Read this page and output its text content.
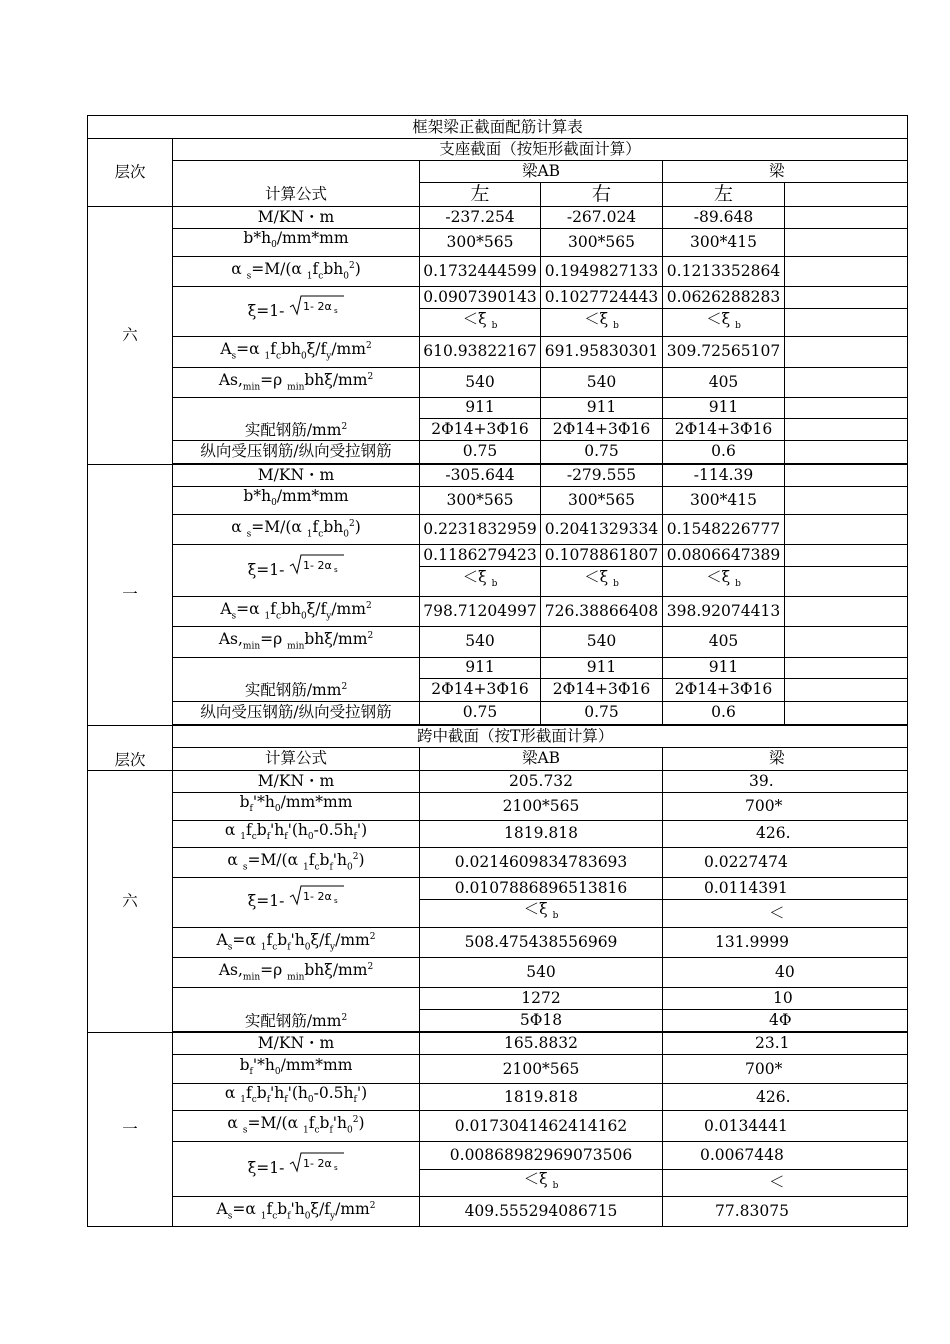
框架梁正截面配筋计算表					
层次	支座截面（按矩形截面计算）				
		梁AB		梁	
	计算公式	左	右	左	
六	M/KN・m	-237.254	-267.024	-89.648	
	$b*h_0/mm*mm$	300*565	300*565	300*415	
	α $_s$=M/(α $_1f_cbh_0^2$)	0.1732444599	0.1949827133	0.1213352864	
	ξ=1- 1- 2α s	0.0907390143	0.1027724443	0.0626288283	
		＜ξ $_b$	＜ξ $_b$	＜ξ $_b$	
	$A_s=\alpha$ $_1f_cbh_0\xi/f_y/mm^2$	610.93822167	691.95830301	309.72565107	
	$As,_{min}=\rho$ $_{min}bh\xi/mm^2$	540	540	405	
	实配钢筋$/mm^2$	911	911	911	
		2Φ14+3Φ16	2Φ14+3Φ16	2Φ14+3Φ16	
	纵向受压钢筋/纵向受拉钢筋	0.75	0.75	0.6	

一	M/KN・m	-305.644	-279.555	-114.39	
	$b*h_0/mm*mm$	300*565	300*565	300*415	
	α $_s$=M/(α $_1f_cbh_0^2$)	0.2231832959	0.2041329334	0.1548226777	
	ξ=1- 1- 2α s	0.1186279423	0.1078861807	0.0806647389	
		＜ξ $_b$	＜ξ $_b$	＜ξ $_b$	
	$A_s=\alpha$ $_1f_cbh_0\xi/f_y/mm^2$	798.71204997	726.38866408	398.92074413	
	$As,_{min}=\rho$ $_{min}bh\xi/mm^2$	540	540	405	
	实配钢筋$/mm^2$	911	911	911	
		2Φ14+3Φ16	2Φ14+3Φ16	2Φ14+3Φ16	
	纵向受压钢筋/纵向受拉钢筋	0.75	0.75	0.6	

层次	跨中截面（按T形截面计算）				
	计算公式	梁AB		梁	
六	M/KN・m	205.732		39.	
	$b_f'*h_0/mm*mm$	2100*565		700*	
	α $_1f_cb_f'h_f'(h_0-0.5h_f')$	1819.818		426.	
	α $_s$=M/(α $_1f_cb_f'h_0^2$)	0.0214609834783693		0.0227474	
	ξ=1- 1- 2α s	0.0107886896513816		0.0114391	
		＜ξ $_b$		＜	
	$A_s=\alpha$ $_1f_cb_f'h_0\xi/f_y/mm^2$	508.475438556969		131.9999	
	$As,_{min}=\rho$ $_{min}bh\xi/mm^2$	540		40	
	实配钢筋$/mm^2$	1272		10	
		5Φ18		4Φ	

一	M/KN・m	165.8832		23.1	
	$b_f'*h_0/mm*mm$	2100*565		700*	
	α $_1f_cb_f'h_f'(h_0-0.5h_f')$	1819.818		426.	
	α $_s$=M/(α $_1f_cb_f'h_0^2$)	0.0173041462414162		0.0134441	
	ξ=1- 1- 2α s	0.00868982969073506		0.0067448	
		＜ξ $_b$		＜	
	$A_s=\alpha$ $_1f_cb_f'h_0\xi/f_y/mm^2$	409.555294086715		77.83075	
